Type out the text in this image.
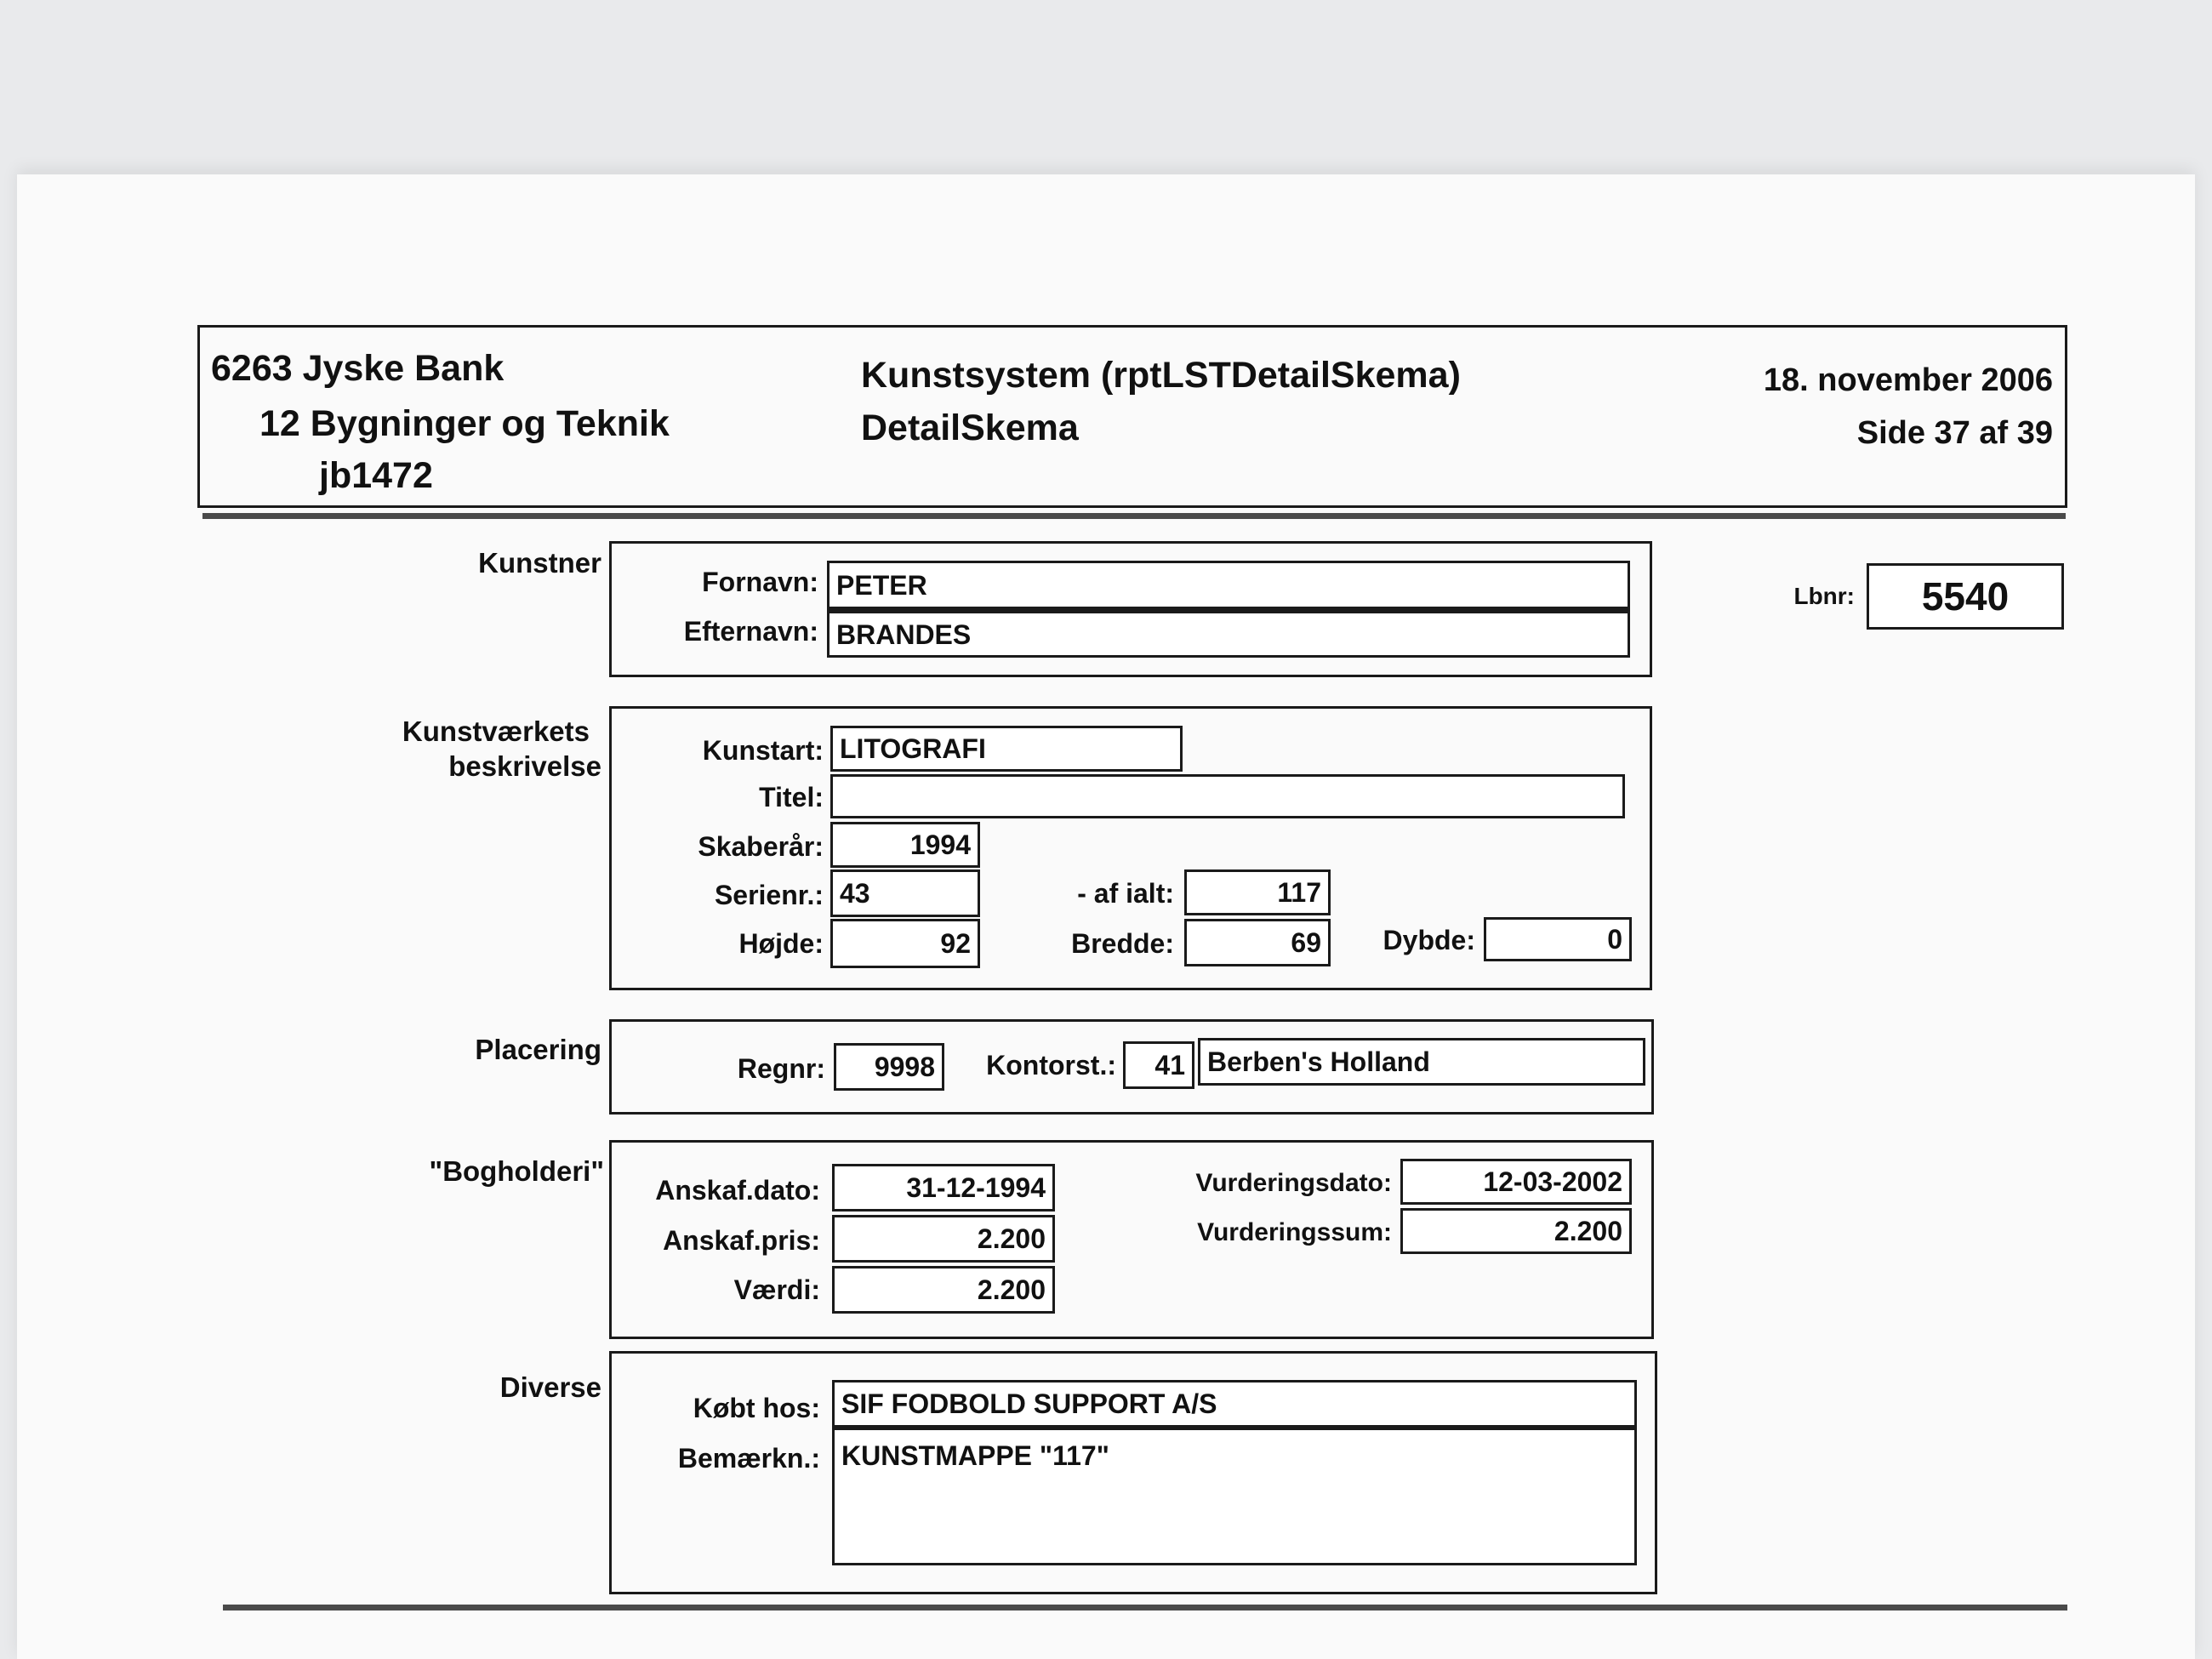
6263 Jyske Bank
12 Bygninger og Teknik
jb1472
Kunstsystem (rptLSTDetailSkema)
DetailSkema
18. november 2006
Side 37 af 39
Lbnr:	5540
Kunstner
Fornavn: PETER
Efternavn: BRANDES
Kunstværkets
beskrivelse	Kunstart: LITOGRAFI
Titel:
Skaberår:	1994
Serienr.: 43	- af ialt:	117
Højde:	92	Bredde:	69	Dybde:	0
Placering
Regnr:	9998	Kontorst.:	41 Berben's Holland
"Bogholderi"
Anskaf.dato:	31-12-1994
Anskaf.pris:	2.200
Værdi:	2.200
Vurderingsdato:	12-03-2002
Vurderingssum:	2.200
Diverse
Købt hos: SIF FODBOLD SUPPORT A/S
Bemærkn.: KUNSTMAPPE "117"
